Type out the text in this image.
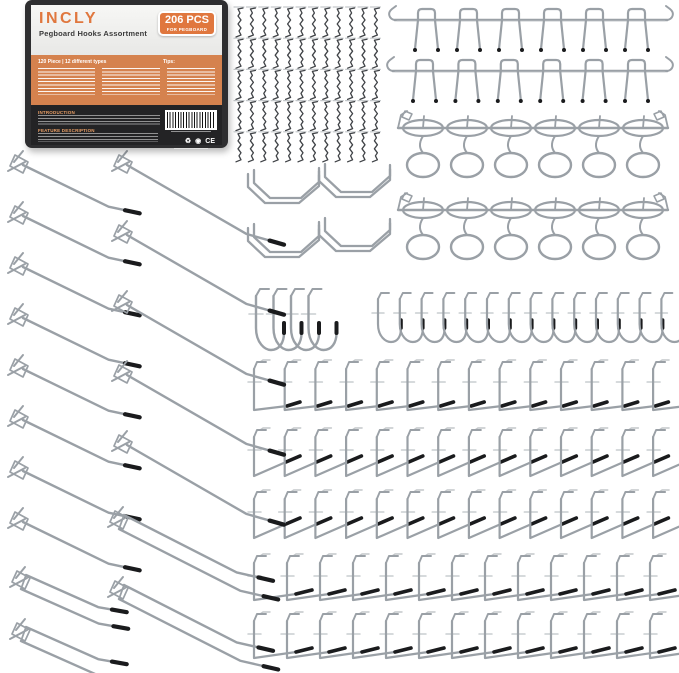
INCLY
Pegboard Hooks Assortment
206 PCS
FOR PEGBOARD
120 Piece | 12 different types	Tips:
INTRODUCTION
FEATURE DESCRIPTION
♻ ◉ CE
